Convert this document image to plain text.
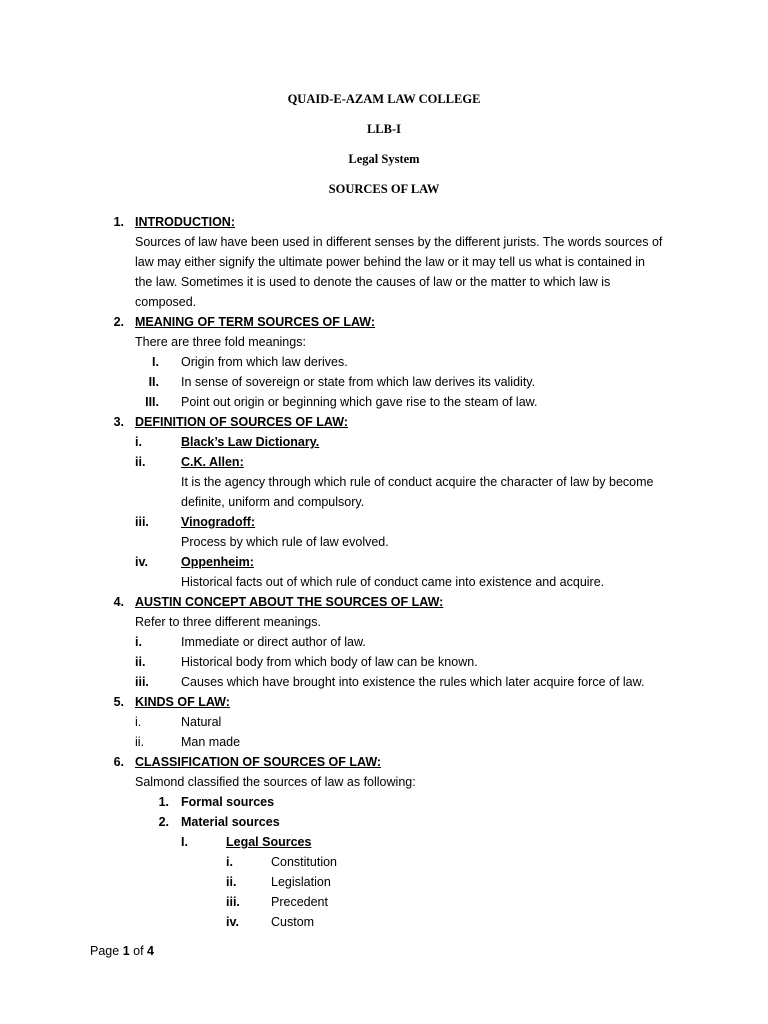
QUAID-E-AZAM LAW COLLEGE
LLB-I
Legal System
SOURCES OF LAW
1. INTRODUCTION:
Sources of law have been used in different senses by the different jurists. The words sources of
law may either signify the ultimate power behind the law or it may tell us what is contained in
the law. Sometimes it is used to denote the causes of law or the matter to which law is
composed.
2. MEANING OF TERM SOURCES OF LAW:
There are three fold meanings:
I. Origin from which law derives.
II. In sense of sovereign or state from which law derives its validity.
III. Point out origin or beginning which gave rise to the steam of law.
3. DEFINITION OF SOURCES OF LAW:
i.	Black’s Law Dictionary.
ii.	C.K. Allen:
It is the agency through which rule of conduct acquire the character of law by become
definite, uniform and compulsory.
iii.	Vinogradoff:
Process by which rule of law evolved.
iv.	Oppenheim:
Historical facts out of which rule of conduct came into existence and acquire.
4. AUSTIN CONCEPT ABOUT THE SOURCES OF LAW:
Refer to three different meanings.
i.	Immediate or direct author of law.
ii.	Historical body from which body of law can be known.
iii.	Causes which have brought into existence the rules which later acquire force of law.
5. KINDS OF LAW:
i.	Natural
ii.	Man made
6. CLASSIFICATION OF SOURCES OF LAW:
Salmond classified the sources of law as following:
1. Formal sources
2. Material sources
I.	Legal Sources
i.	Constitution
ii.	Legislation
iii. Precedent
iv.	Custom
Page 1 of 4
